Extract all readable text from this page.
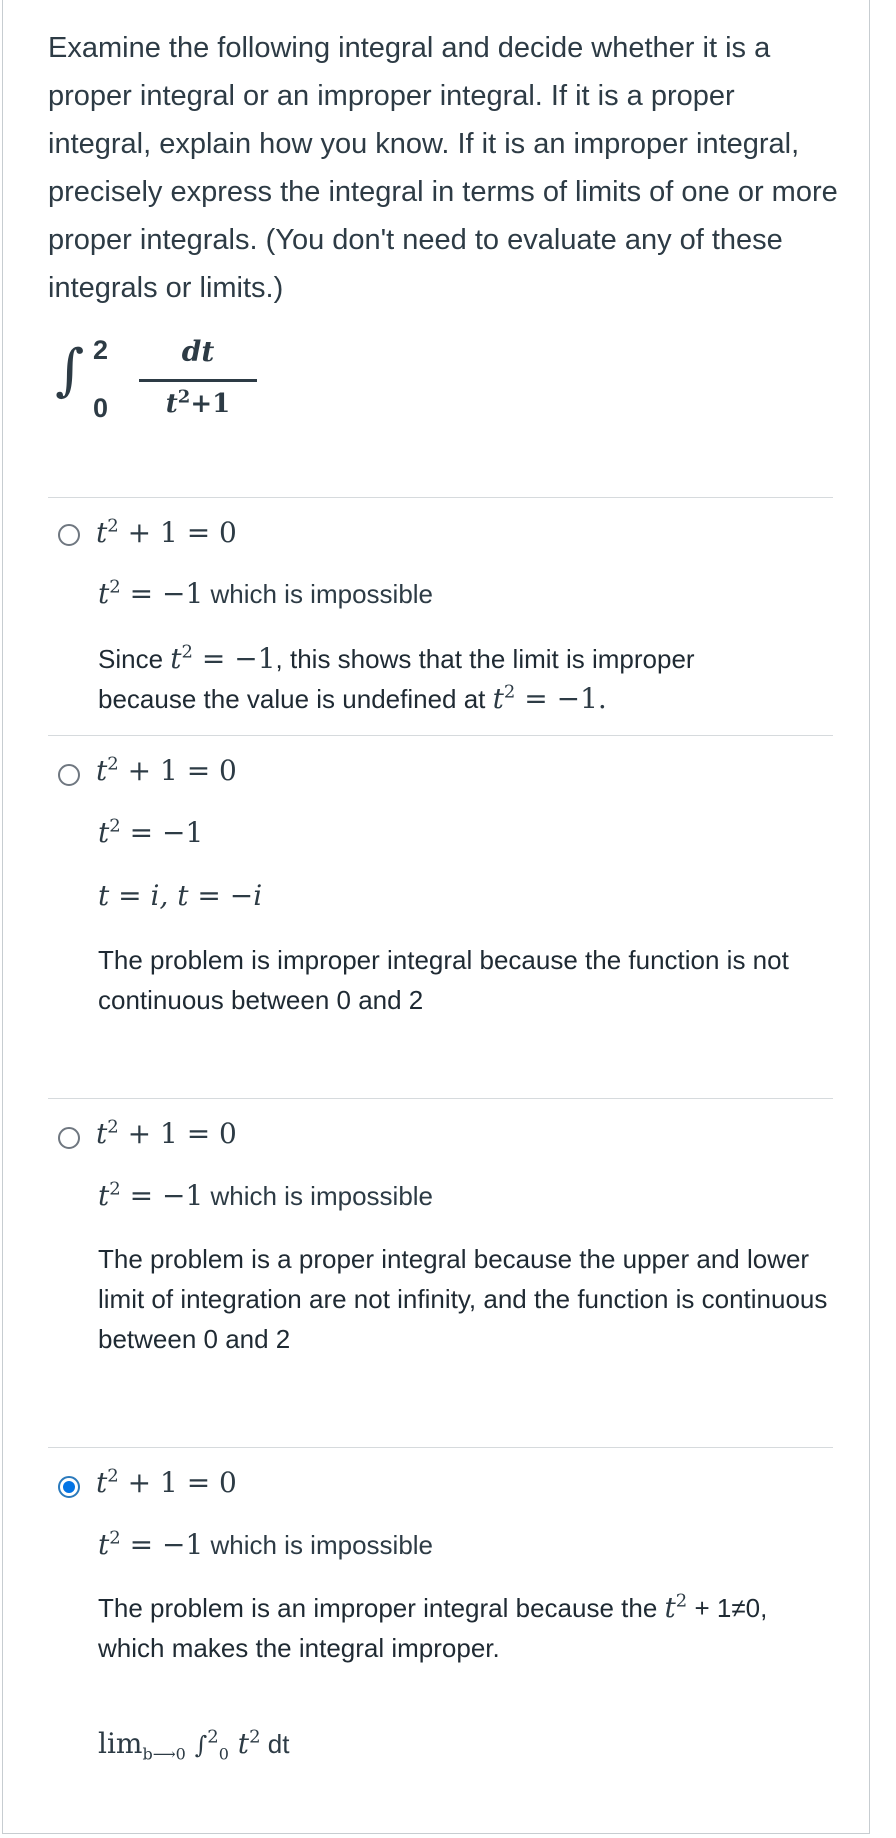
Examine the following integral and decide whether it is a proper integral or an improper integral. If it is a proper integral, explain how you know. If it is an improper integral, precisely express the integral in terms of limits of one or more proper integrals. (You don't need to evaluate any of these integrals or limits.)
∫ 2
0
dt
$t^2+1$
$t^2 + 1 = 0$
$t^2 = -1$ which is impossible
Since $t^2 = -1$, this shows that the limit is improper
because the value is undefined at $t^2 = -1$.
$t^2 + 1 = 0$
$t^2 = -1$
t = i, t = −i
The problem is improper integral because the function is not continuous between 0 and 2
$t^2 + 1 = 0$
$t^2 = -1$ which is impossible
The problem is a proper integral because the upper and lower limit of integration are not infinity, and the function is continuous between 0 and 2
$t^2 + 1 = 0$
$t^2 = -1$ which is impossible
The problem is an improper integral because the $t^2 + 1\ne 0$,
which makes the integral improper.
$\lim_{b⟶0} \int^2_0$ $t^2$ dt
